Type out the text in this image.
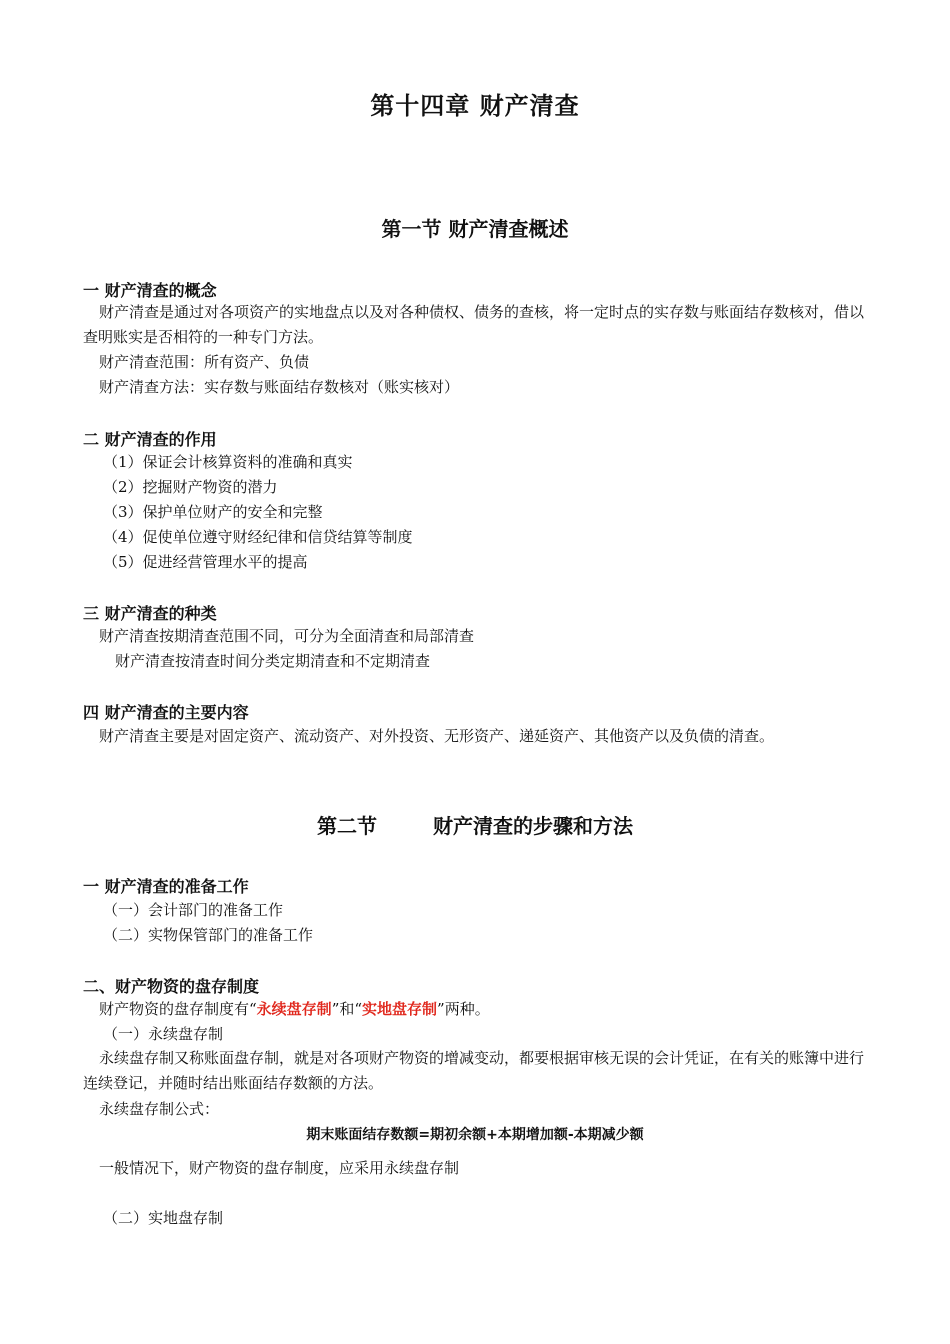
第十四章 财产清查
第一节 财产清查概述
一 财产清查的概念
财产清查是通过对各项资产的实地盘点以及对各种债权、债务的查核，将一定时点的实存数与账面结存数核对，借以查明账实是否相符的一种专门方法。
财产清查范围：所有资产、负债
财产清查方法：实存数与账面结存数核对（账实核对）
二 财产清查的作用
（1）保证会计核算资料的准确和真实
（2）挖掘财产物资的潜力
（3）保护单位财产的安全和完整
（4）促使单位遵守财经纪律和信贷结算等制度
（5）促进经营管理水平的提高
三 财产清查的种类
财产清查按期清查范围不同，可分为全面清查和局部清查
财产清查按清查时间分类定期清查和不定期清查
四 财产清查的主要内容
财产清查主要是对固定资产、流动资产、对外投资、无形资产、递延资产、其他资产以及负债的清查。
第二节	财产清查的步骤和方法
一 财产清查的准备工作
（一）会计部门的准备工作
（二）实物保管部门的准备工作
二、财产物资的盘存制度
财产物资的盘存制度有“永续盘存制”和“实地盘存制”两种。
（一）永续盘存制
永续盘存制又称账面盘存制，就是对各项财产物资的增减变动，都要根据审核无误的会计凭证，在有关的账簿中进行连续登记，并随时结出账面结存数额的方法。
永续盘存制公式：
期末账面结存数额=期初余额+本期增加额-本期减少额
一般情况下，财产物资的盘存制度，应采用永续盘存制
（二）实地盘存制
